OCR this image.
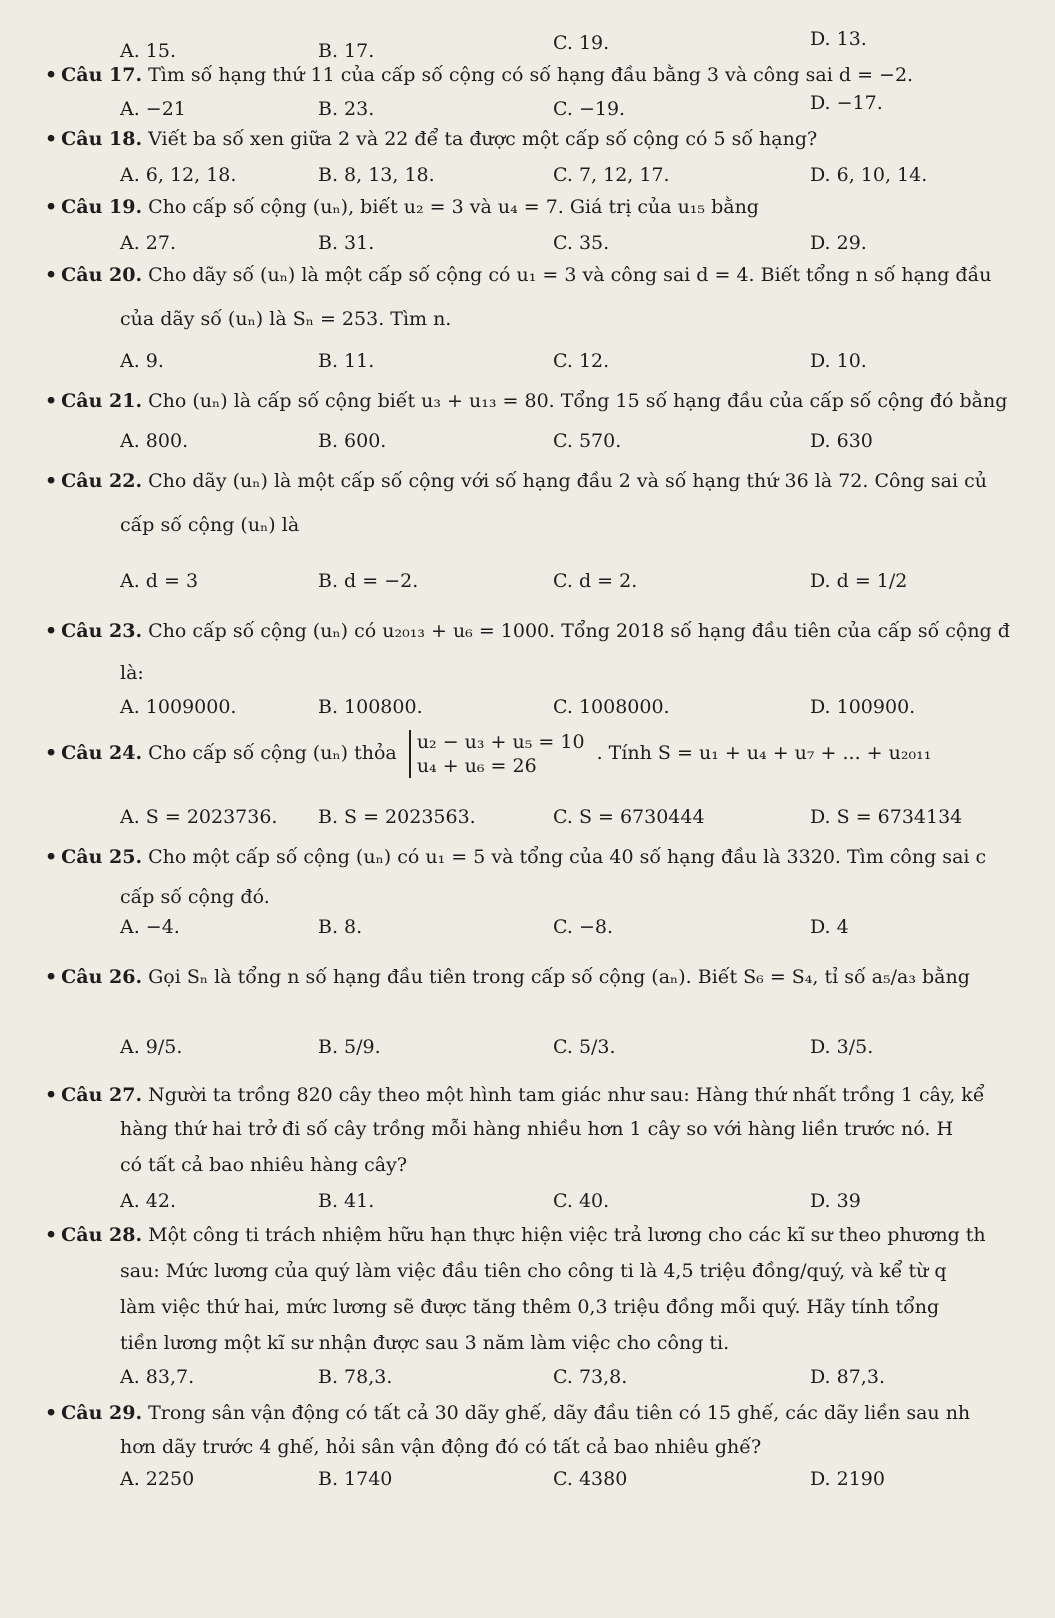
A. 15.	B. 17.	C. 19.	D. 13.
• Câu 17. Tìm số hạng thứ 11 của cấp số cộng có số hạng đầu bằng 3 và công sai d = −2.
A. −21	B. 23.	C. −19.	D. −17.
• Câu 18. Viết ba số xen giữa 2 và 22 để ta được một cấp số cộng có 5 số hạng?
A. 6, 12, 18.	B. 8, 13, 18.	C. 7, 12, 17.	D. 6, 10, 14.
• Câu 19. Cho cấp số cộng (uₙ), biết u₂ = 3 và u₄ = 7. Giá trị của u₁₅ bằng
A. 27.	B. 31.	C. 35.	D. 29.
• Câu 20. Cho dãy số (uₙ) là một cấp số cộng có u₁ = 3 và công sai d = 4. Biết tổng n số hạng đầu
của dãy số (uₙ) là Sₙ = 253. Tìm n.
A. 9.	B. 11.	C. 12.	D. 10.
• Câu 21. Cho (uₙ) là cấp số cộng biết u₃ + u₁₃ = 80. Tổng 15 số hạng đầu của cấp số cộng đó bằng
A. 800.	B. 600.	C. 570.	D. 630
• Câu 22. Cho dãy (uₙ) là một cấp số cộng với số hạng đầu 2 và số hạng thứ 36 là 72. Công sai củ
cấp số cộng (uₙ) là
A. d = 3	B. d = −2.	C. d = 2.	D. d = 1/2
• Câu 23. Cho cấp số cộng (uₙ) có u₂₀₁₃ + u₆ = 1000. Tổng 2018 số hạng đầu tiên của cấp số cộng đ
là:
A. 1009000.	B. 100800.	C. 1008000.	D. 100900.
• Câu 24. Cho cấp số cộng (uₙ) thỏa u₂ − u₃ + u₅ = 10
u₄ + u₆ = 26 . Tính S = u₁ + u₄ + u₇ + ... + u₂₀₁₁
A. S = 2023736. B. S = 2023563.	C. S = 6730444	D. S = 6734134
• Câu 25. Cho một cấp số cộng (uₙ) có u₁ = 5 và tổng của 40 số hạng đầu là 3320. Tìm công sai c
cấp số cộng đó.
A. −4.	B. 8.	C. −8.	D. 4
• Câu 26. Gọi Sₙ là tổng n số hạng đầu tiên trong cấp số cộng (aₙ). Biết S₆ = S₄, tỉ số a₅/a₃ bằng
A. 9/5.	B. 5/9.	C. 5/3.	D. 3/5.
• Câu 27. Người ta trồng 820 cây theo một hình tam giác như sau: Hàng thứ nhất trồng 1 cây, kể
hàng thứ hai trở đi số cây trồng mỗi hàng nhiều hơn 1 cây so với hàng liền trước nó. H
có tất cả bao nhiêu hàng cây?
A. 42.	B. 41.	C. 40.	D. 39
• Câu 28. Một công ti trách nhiệm hữu hạn thực hiện việc trả lương cho các kĩ sư theo phương th
sau: Mức lương của quý làm việc đầu tiên cho công ti là 4,5 triệu đồng/quý, và kể từ q
làm việc thứ hai, mức lương sẽ được tăng thêm 0,3 triệu đồng mỗi quý. Hãy tính tổng
tiền lương một kĩ sư nhận được sau 3 năm làm việc cho công ti.
A. 83,7.	B. 78,3.	C. 73,8.	D. 87,3.
• Câu 29. Trong sân vận động có tất cả 30 dãy ghế, dãy đầu tiên có 15 ghế, các dãy liền sau nh
hơn dãy trước 4 ghế, hỏi sân vận động đó có tất cả bao nhiêu ghế?
A. 2250	B. 1740	C. 4380	D. 2190
